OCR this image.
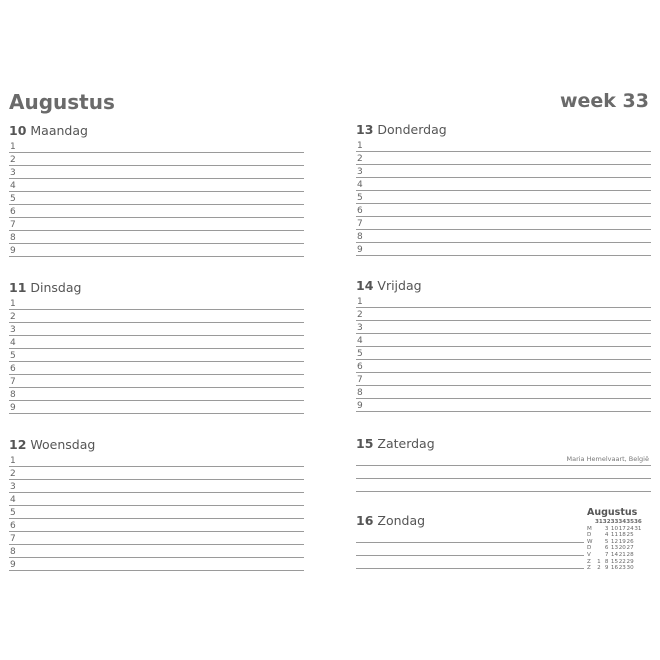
Augustus	week 33
10 Maandag
1
2
3
4
5
6
7
8
9
11 Dinsdag
1
2
3
4
5
6
7
8
9
12 Woensdag
1
2
3
4
5
6
7
8
9
13 Donderdag
1
2
3
4
5
6
7
8
9
14 Vrijdag
1
2
3
4
5
6
7
8
9
15 Zaterdag
Maria Hemelvaart, België
16 Zondag
Augustus
	31	32	33	34	35	36
M		3	10	17	24	31
D		4	11	18	25	
W		5	12	19	26	
D		6	13	20	27	
V		7	14	21	28	
Z	1	8	15	22	29	
Z	2	9	16	23	30	
